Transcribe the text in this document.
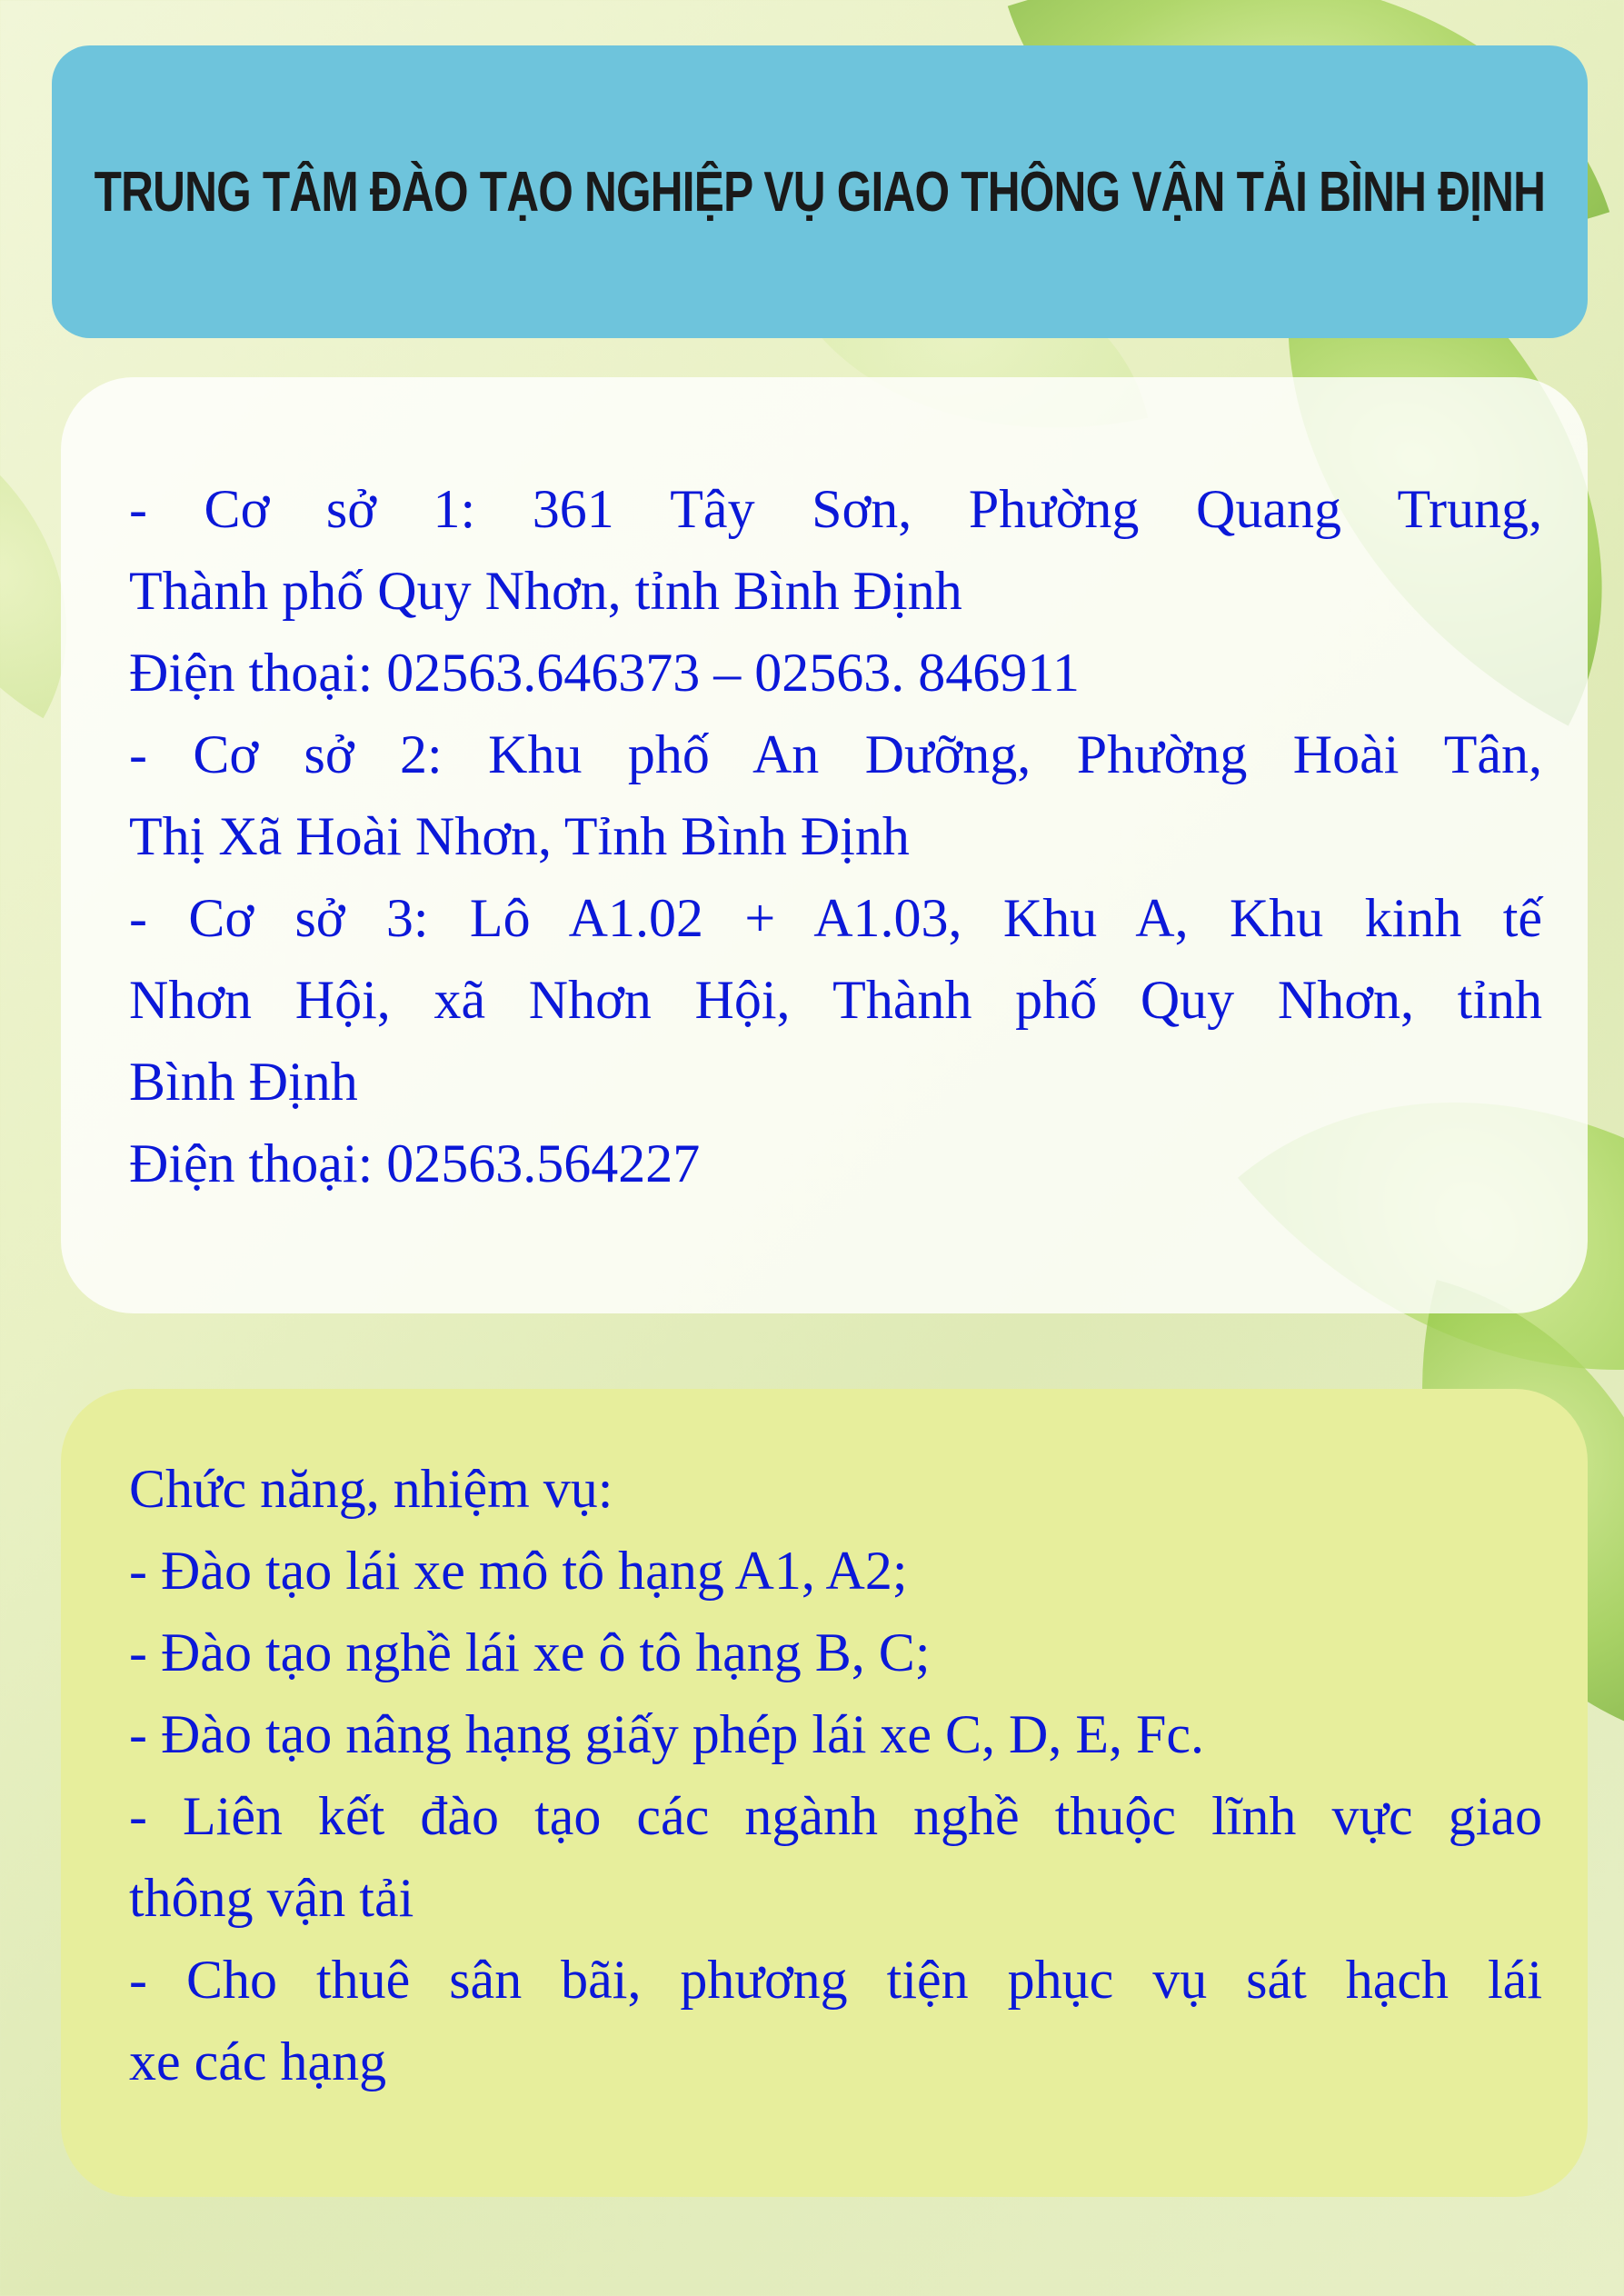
TRUNG TÂM ĐÀO TẠO NGHIỆP VỤ GIAO THÔNG VẬN TẢI BÌNH ĐỊNH
- Cơ sở 1: 361 Tây Sơn, Phường Quang Trung,
Thành phố Quy Nhơn, tỉnh Bình Định
Điện thoại: 02563.646373 – 02563. 846911
- Cơ sở 2: Khu phố An Dưỡng, Phường Hoài Tân,
Thị Xã Hoài Nhơn, Tỉnh Bình Định
- Cơ sở 3: Lô A1.02 + A1.03, Khu A, Khu kinh tế
Nhơn Hội, xã Nhơn Hội, Thành phố Quy Nhơn, tỉnh
Bình Định
Điện thoại: 02563.564227
Chức năng, nhiệm vụ:
- Đào tạo lái xe mô tô hạng A1, A2;
- Đào tạo nghề lái xe ô tô hạng B, C;
- Đào tạo nâng hạng giấy phép lái xe C, D, E, Fc.
- Liên kết đào tạo các ngành nghề thuộc lĩnh vực giao
thông vận tải
- Cho thuê sân bãi, phương tiện phục vụ sát hạch lái
xe các hạng
